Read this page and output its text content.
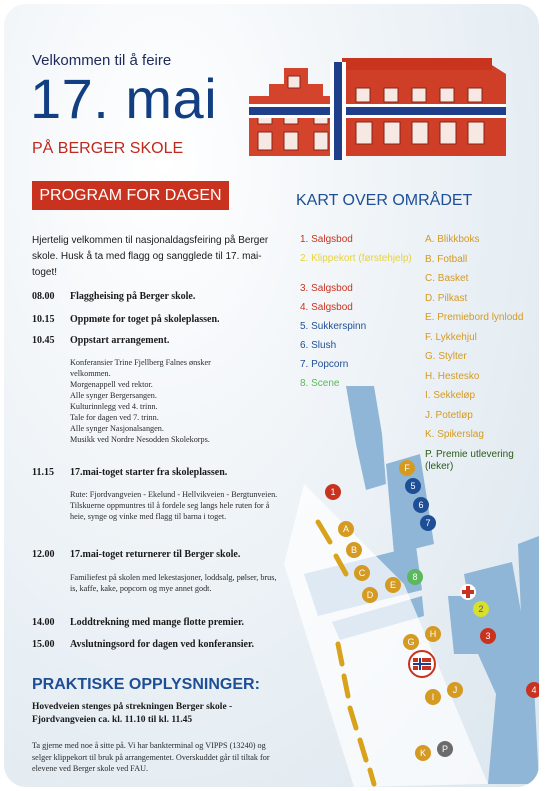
Velkommen til å feire
17. mai
PÅ BERGER SKOLE
PROGRAM FOR DAGEN
Hjertelig velkommen til nasjonaldagsfeiring på Berger skole. Husk å ta med flagg og sangglede til 17. mai-toget!
08.00 Flaggheising på Berger skole.
10.15 Oppmøte for toget på skoleplassen.
10.45 Oppstart arrangement.
Konferansier Trine Fjellberg Falnes ønsker
velkommen.
Morgenappell ved rektor.
Alle synger Bergersangen.
Kulturinnlegg ved 4. trinn.
Tale for dagen ved 7. trinn.
Alle synger Nasjonalsangen.
Musikk ved Nordre Nesodden Skolekorps.
11.15 17.mai-toget starter fra skoleplassen.
Rute: Fjordvangveien - Ekelund - Hellvikveien - Bergtunveien. Tilskuerne oppmuntres til å fordele seg langs hele ruten for å heie, synge og vinke med flagg til barna i toget.
12.00 17.mai-toget returnerer til Berger skole.
Familiefest på skolen med lekestasjoner, loddsalg, pølser, brus, is, kaffe, kake, popcorn og mye annet godt.
14.00 Loddtrekning med mange flotte premier.
15.00 Avslutningsord for dagen ved konferansier.
PRAKTISKE OPPLYSNINGER:
Hovedveien stenges på strekningen Berger skole - Fjordvangveien ca. kl. 11.10 til kl. 11.45
Ta gjerne med noe å sitte på. Vi har bankterminal og VIPPS (13240) og selger klippekort til bruk på arrangementet. Overskuddet går til tiltak for elevene ved Berger skole ved FAU.
KART OVER OMRÅDET
1. Salgsbod
2. Klippekort (førstehjelp)
3. Salgsbod
4. Salgsbod
5. Sukkerspinn
6. Slush
7. Popcorn
8. Scene
A. Blikkboks
B. Fotball
C. Basket
D. Pilkast
E. Premiebord lynlodd
F. Lykkehjul
G. Stylter
H. Hestesko
I. Sekkeløp
J. Potetløp
K. Spikerslag
P. Premie utlevering (leker)
1
2
3
4
5
6
7
8
A
B
C
D
E
F
G
H
I
J
K	P
